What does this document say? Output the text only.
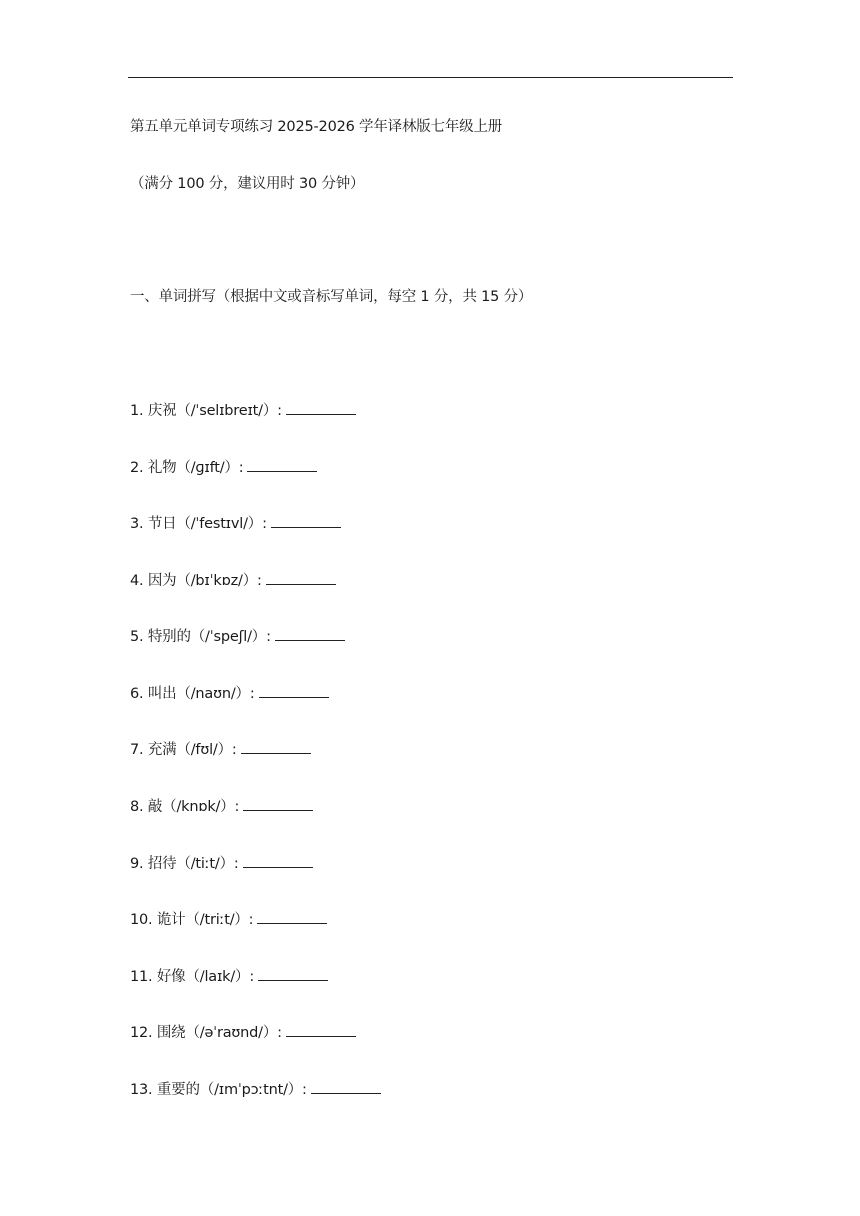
第五单元单词专项练习 2025-2026 学年译林版七年级上册
（满分 100 分，建议用时 30 分钟）
一、单词拼写（根据中文或音标写单词，每空 1 分，共 15 分）
1. 庆祝（/ˈselɪbreɪt/）:
2. 礼物（/ɡɪft/）:
3. 节日（/ˈfestɪvl/）:
4. 因为（/bɪˈkɒz/）:
5. 特别的（/ˈspeʃl/）:
6. 叫出（/naʊn/）:
7. 充满（/fʊl/）:
8. 敲（/knɒk/）:
9. 招待（/tiːt/）:
10. 诡计（/triːt/）:
11. 好像（/laɪk/）:
12. 围绕（/əˈraʊnd/）:
13. 重要的（/ɪmˈpɔːtnt/）:
